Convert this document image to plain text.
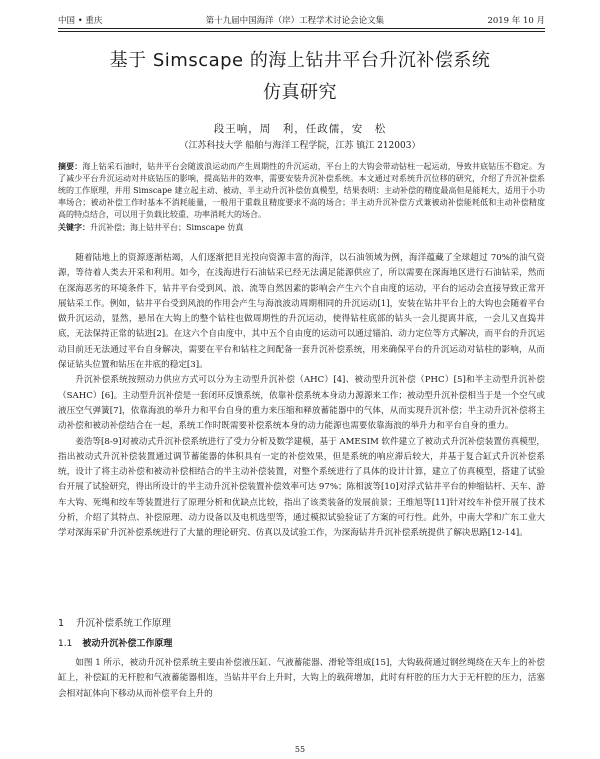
中国 • 重庆	第十九届中国海洋（岸）工程学术讨论会论文集	2019 年 10 月
基于 Simscape 的海上钻井平台升沉补偿系统
仿真研究
段王响，周　利，任政儒，安　松
（江苏科技大学 船舶与海洋工程学院，江苏 镇江 212003）
摘要：海上钻采石油时，钻井平台会随波浪运动而产生周期性的升沉运动，平台上的大钩会带动钻柱一起运动，导致井底钻压不稳定。为了减少平台升沉运动对井底钻压的影响，提高钻井的效率，需要安装升沉补偿系统。本文通过对系统升沉位移的研究，介绍了升沉补偿系统的工作原理，并用 Simscape 建立起主动、被动、半主动升沉补偿仿真模型，结果表明：主动补偿的精度最高但是能耗大，适用于小功率场合；被动补偿工作时基本不消耗能量，一般用于重载且精度要求不高的场合；半主动升沉补偿方式兼被动补偿能耗低和主动补偿精度高的特点结合，可以用于负载比较重、功率消耗大的场合。
关键字：升沉补偿；海上钻井平台；Simscape 仿真

随着陆地上的资源逐渐枯竭，人们逐渐把目光投向资源丰富的海洋，以石油领域为例，海洋蕴藏了全球超过 70%的油气资源，等待着人类去开采和利用。如今，在浅海进行石油钻采已经无法满足能源供应了，所以需要在深海地区进行石油钻采，然而在深海恶劣的环境条件下，钻井平台受到风、浪、流等自然因素的影响会产生六个自由度的运动，平台的运动会直接导致正常开展钻采工作。例如，钻井平台受到风浪的作用会产生与海浪波动周期相同的升沉运动[1]，安装在钻井平台上的大钩也会随着平台做升沉运动，显然，悬吊在大钩上的整个钻柱也做周期性的升沉运动，使得钻柱底部的钻头一会儿提离井底，一会儿又直捣井底，无法保持正常的钻进[2]。在这六个自由度中，其中五个自由度的运动可以通过锚泊、动力定位等方式解决，而平台的升沉运动目前还无法通过平台自身解决，需要在平台和钻柱之间配备一套升沉补偿系统，用来确保平台的升沉运动对钻柱的影响，从而保证钻头位置和钻压在井底的稳定[3]。

升沉补偿系统按照动力供应方式可以分为主动型升沉补偿（AHC）[4]、被动型升沉补偿（PHC）[5]和半主动型升沉补偿（SAHC）[6]。主动型升沉补偿是一套闭环反馈系统，依靠补偿系统本身动力源源来工作；被动型升沉补偿相当于是一个空气或液压空气弹簧[7]，依靠海浪的举升力和平台自身的重力来压缩和释放蓄能器中的气体，从而实现升沉补偿；半主动升沉补偿将主动补偿和被动补偿结合在一起，系统工作时既需要补偿系统本身的动力能源也需要依靠海浪的举升力和平台自身的重力。

姜浩等[8-9]对被动式升沉补偿系统进行了受力分析及数学建模，基于 AMESIM 软件建立了被动式升沉补偿装置仿真模型，指出被动式升沉补偿装置通过调节蓄能器的体积具有一定的补偿效果，但是系统的响应滞后较大，并基于复合缸式升沉补偿系统，设计了将主动补偿和被动补偿相结合的半主动补偿装置，对整个系统进行了具体的设计计算，建立了仿真模型，搭建了试验台开展了试验研究，得出所设计的半主动升沉补偿装置补偿效率可达 97%；陈相波等[10]对浮式钻井平台的伸缩钻杆、天车、游车大钩、死绳和绞车等装置进行了原理分析和优缺点比较，指出了该类装备的发展前景；王维旭等[11]针对绞车补偿开展了技术分析，介绍了其特点、补偿原理、动力设备以及电机选型等，通过模拟试验验证了方案的可行性。此外，中南大学和广东工业大学对深海采矿升沉补偿系统进行了大量的理论研究、仿真以及试验工作，为深海钻井升沉补偿系统提供了解决思路[12-14]。

1 升沉补偿系统工作原理
1.1 被动升沉补偿工作原理

如图 1 所示，被动升沉补偿系统主要由补偿液压缸、气液蓄能器、滑轮等组成[15]，大钩载荷通过钢丝绳绕在天车上的补偿缸上，补偿缸的无杆腔和气液蓄能器相连，当钻井平台上升时，大钩上的载荷增加，此时有杆腔的压力大于无杆腔的压力，活塞会相对缸体向下移动从而补偿平台上升的

55
